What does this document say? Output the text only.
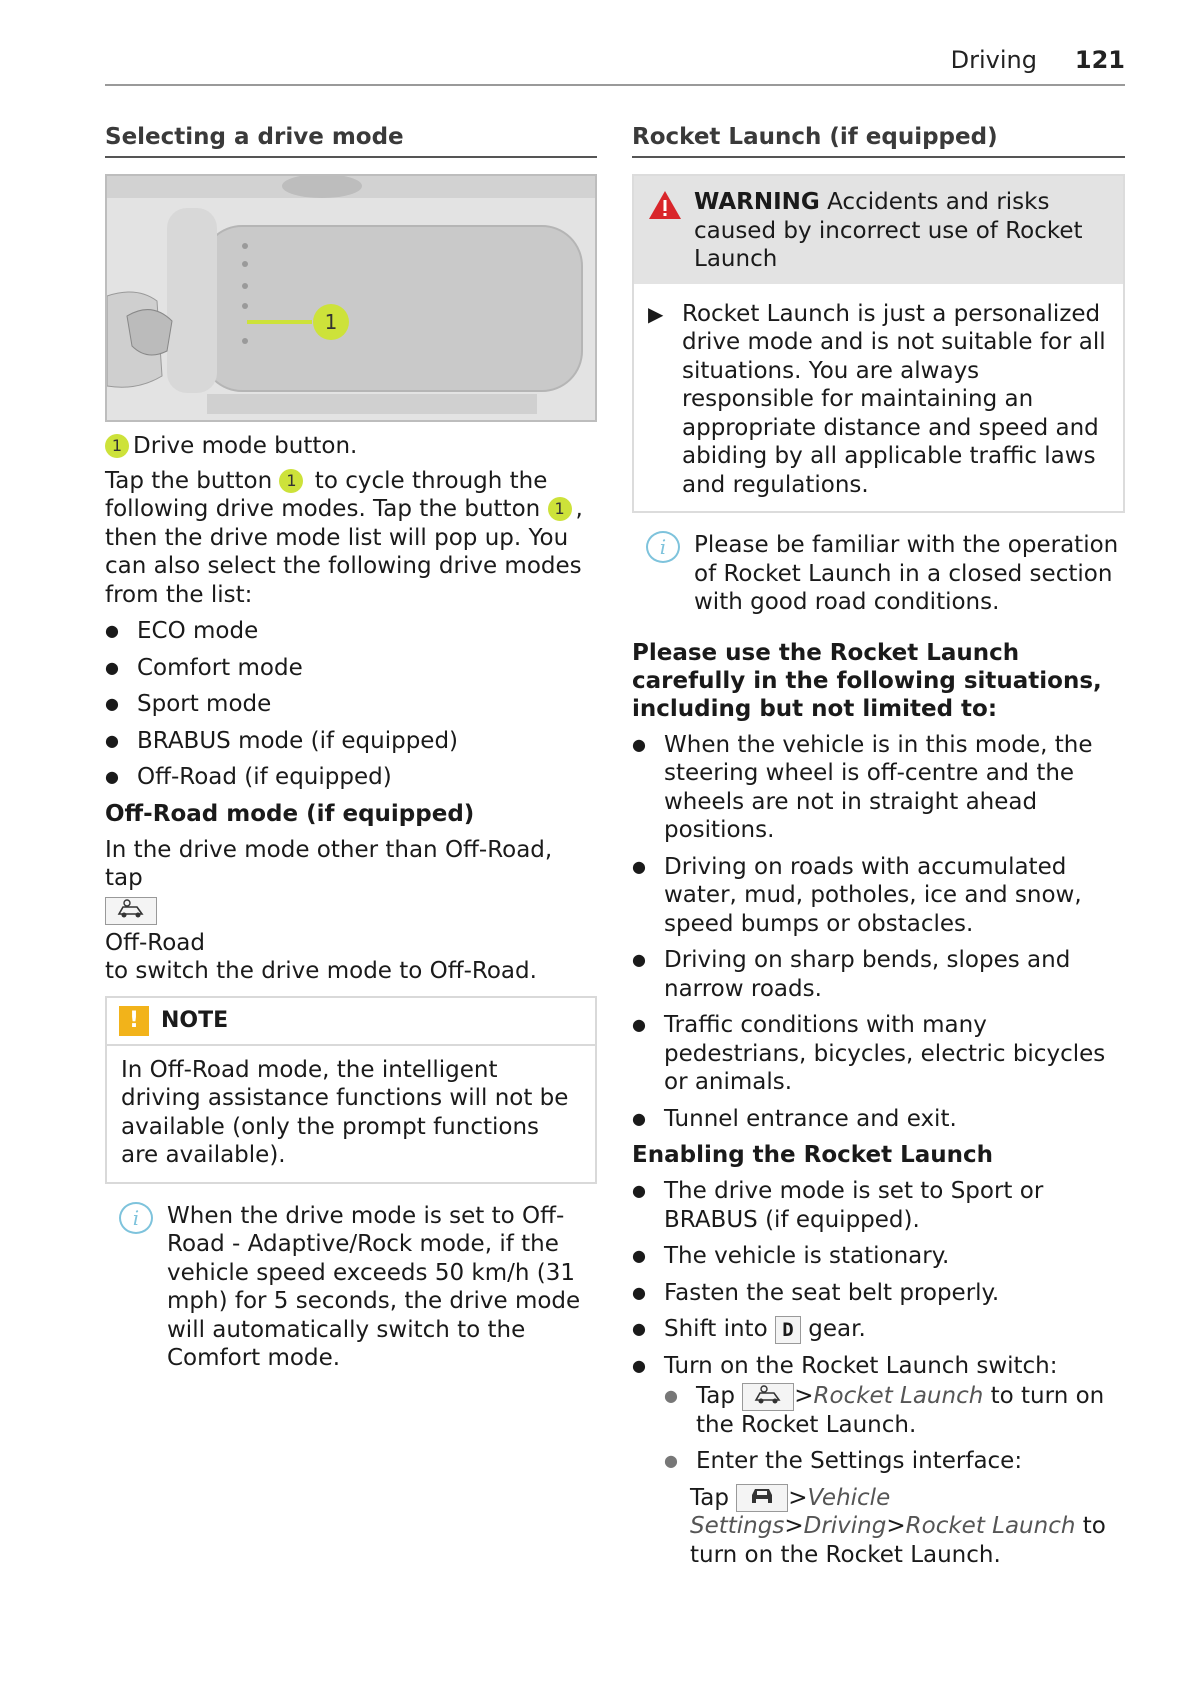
Driving 121
Selecting a drive mode
1

1 Drive mode button.

Tap the button 1 to cycle through the following drive modes. Tap the button 1 , then the drive mode list will pop up. You can also select the following drive modes from the list:

● ECO mode
● Comfort mode
● Sport mode
● BRABUS mode (if equipped)
● Off-Road (if equipped)
Off-Road mode (if equipped)

In the drive mode other than Off-Road, tap

Off-Road

to switch the drive mode to Off-Road.

! NOTE

In Off-Road mode, the intelligent driving assistance functions will not be available (only the prompt functions are available).

i	When the drive mode is set to Off-Road - Adaptive/Rock mode, if the vehicle speed exceeds 50 km/h (31 mph) for 5 seconds, the drive mode will automatically switch to the Comfort mode.

Rocket Launch (if equipped)

WARNING Accidents and risks caused by incorrect use of Rocket Launch

▶ Rocket Launch is just a personalized drive mode and is not suitable for all situations. You are always responsible for maintaining an appropriate distance and speed and abiding by all applicable traffic laws and regulations.

i	Please be familiar with the operation of Rocket Launch in a closed section with good road conditions.

Please use the Rocket Launch carefully in the following situations, including but not limited to:
● When the vehicle is in this mode, the steering wheel is off-centre and the wheels are not in straight ahead positions.
● Driving on roads with accumulated water, mud, potholes, ice and snow, speed bumps or obstacles.
● Driving on sharp bends, slopes and narrow roads.
● Traffic conditions with many pedestrians, bicycles, electric bicycles or animals.
● Tunnel entrance and exit.
Enabling the Rocket Launch
● The drive mode is set to Sport or BRABUS (if equipped).
● The vehicle is stationary.
● Fasten the seat belt properly.
● Shift into D gear.
● Turn on the Rocket Launch switch:
● Tap	>Rocket Launch to turn on the Rocket Launch.
● Enter the Settings interface:

Tap	>Vehicle Settings>Driving>Rocket Launch to turn on the Rocket Launch.
